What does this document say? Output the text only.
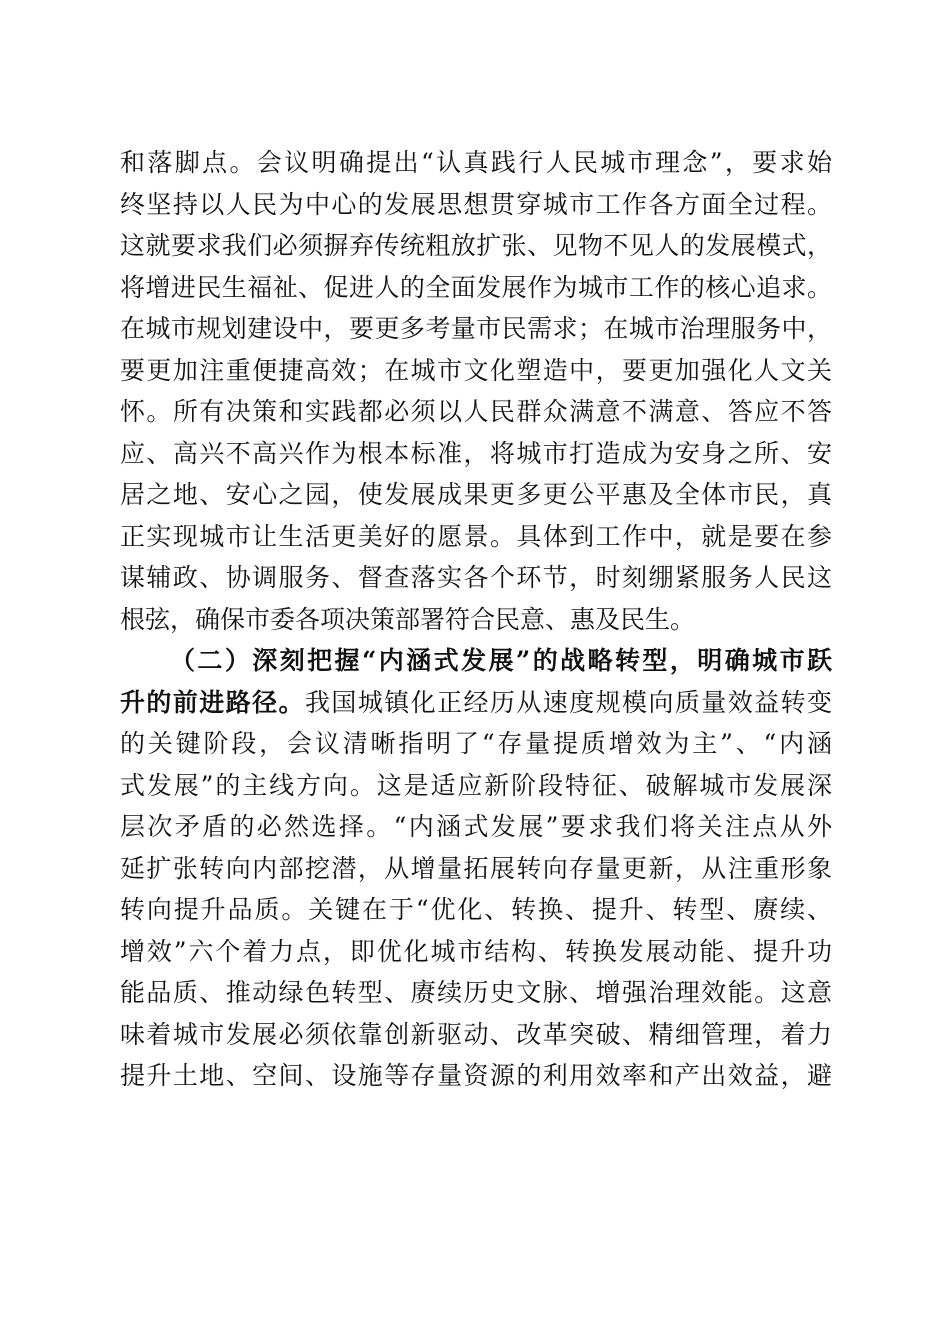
和落脚点。会议明确提出“认真践行人民城市理念”，要求始
终坚持以人民为中心的发展思想贯穿城市工作各方面全过程。
这就要求我们必须摒弃传统粗放扩张、见物不见人的发展模式，
将增进民生福祉、促进人的全面发展作为城市工作的核心追求。
在城市规划建设中，要更多考量市民需求；在城市治理服务中，
要更加注重便捷高效；在城市文化塑造中，要更加强化人文关
怀。所有决策和实践都必须以人民群众满意不满意、答应不答
应、高兴不高兴作为根本标准，将城市打造成为安身之所、安
居之地、安心之园，使发展成果更多更公平惠及全体市民，真
正实现城市让生活更美好的愿景。具体到工作中，就是要在参
谋辅政、协调服务、督查落实各个环节，时刻绷紧服务人民这
根弦，确保市委各项决策部署符合民意、惠及民生。
（二）深刻把握“内涵式发展”的战略转型，明确城市跃
升的前进路径。我国城镇化正经历从速度规模向质量效益转变
的关键阶段，会议清晰指明了“存量提质增效为主”、“内涵
式发展”的主线方向。这是适应新阶段特征、破解城市发展深
层次矛盾的必然选择。“内涵式发展”要求我们将关注点从外
延扩张转向内部挖潜，从增量拓展转向存量更新，从注重形象
转向提升品质。关键在于“优化、转换、提升、转型、赓续、
增效”六个着力点，即优化城市结构、转换发展动能、提升功
能品质、推动绿色转型、赓续历史文脉、增强治理效能。这意
味着城市发展必须依靠创新驱动、改革突破、精细管理，着力
提升土地、空间、设施等存量资源的利用效率和产出效益，避
